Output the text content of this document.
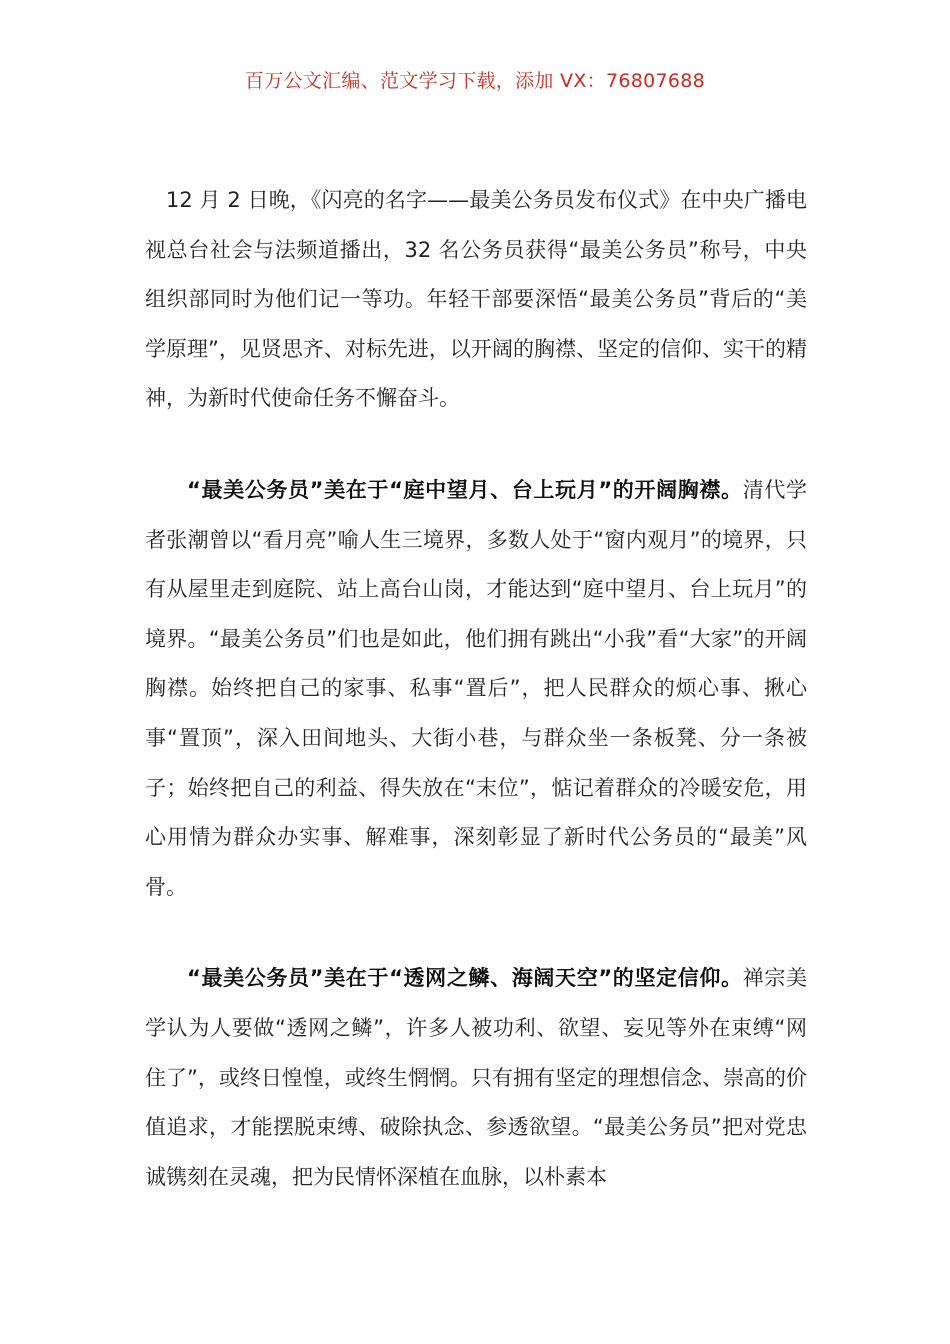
百万公文汇编、范文学习下载，添加 VX：76807688

12 月 2 日晚，《闪亮的名字——最美公务员发布仪式》在中央广播电视总台社会与法频道播出，32 名公务员获得“最美公务员”称号，中央组织部同时为他们记一等功。年轻干部要深悟“最美公务员”背后的“美学原理”，见贤思齐、对标先进，以开阔的胸襟、坚定的信仰、实干的精神，为新时代使命任务不懈奋斗。

“最美公务员”美在于“庭中望月、台上玩月”的开阔胸襟。清代学者张潮曾以“看月亮”喻人生三境界，多数人处于“窗内观月”的境界，只有从屋里走到庭院、站上高台山岗，才能达到“庭中望月、台上玩月”的境界。“最美公务员”们也是如此，他们拥有跳出“小我”看“大家”的开阔胸襟。始终把自己的家事、私事“置后”，把人民群众的烦心事、揪心事“置顶”，深入田间地头、大街小巷，与群众坐一条板凳、分一条被子；始终把自己的利益、得失放在“末位”，惦记着群众的冷暖安危，用心用情为群众办实事、解难事，深刻彰显了新时代公务员的“最美”风骨。

“最美公务员”美在于“透网之鳞、海阔天空”的坚定信仰。禅宗美学认为人要做“透网之鳞”，许多人被功利、欲望、妄见等外在束缚“网住了”，或终日惶惶，或终生惘惘。只有拥有坚定的理想信念、崇高的价值追求，才能摆脱束缚、破除执念、参透欲望。“最美公务员”把对党忠诚镌刻在灵魂，把为民情怀深植在血脉，以朴素本
